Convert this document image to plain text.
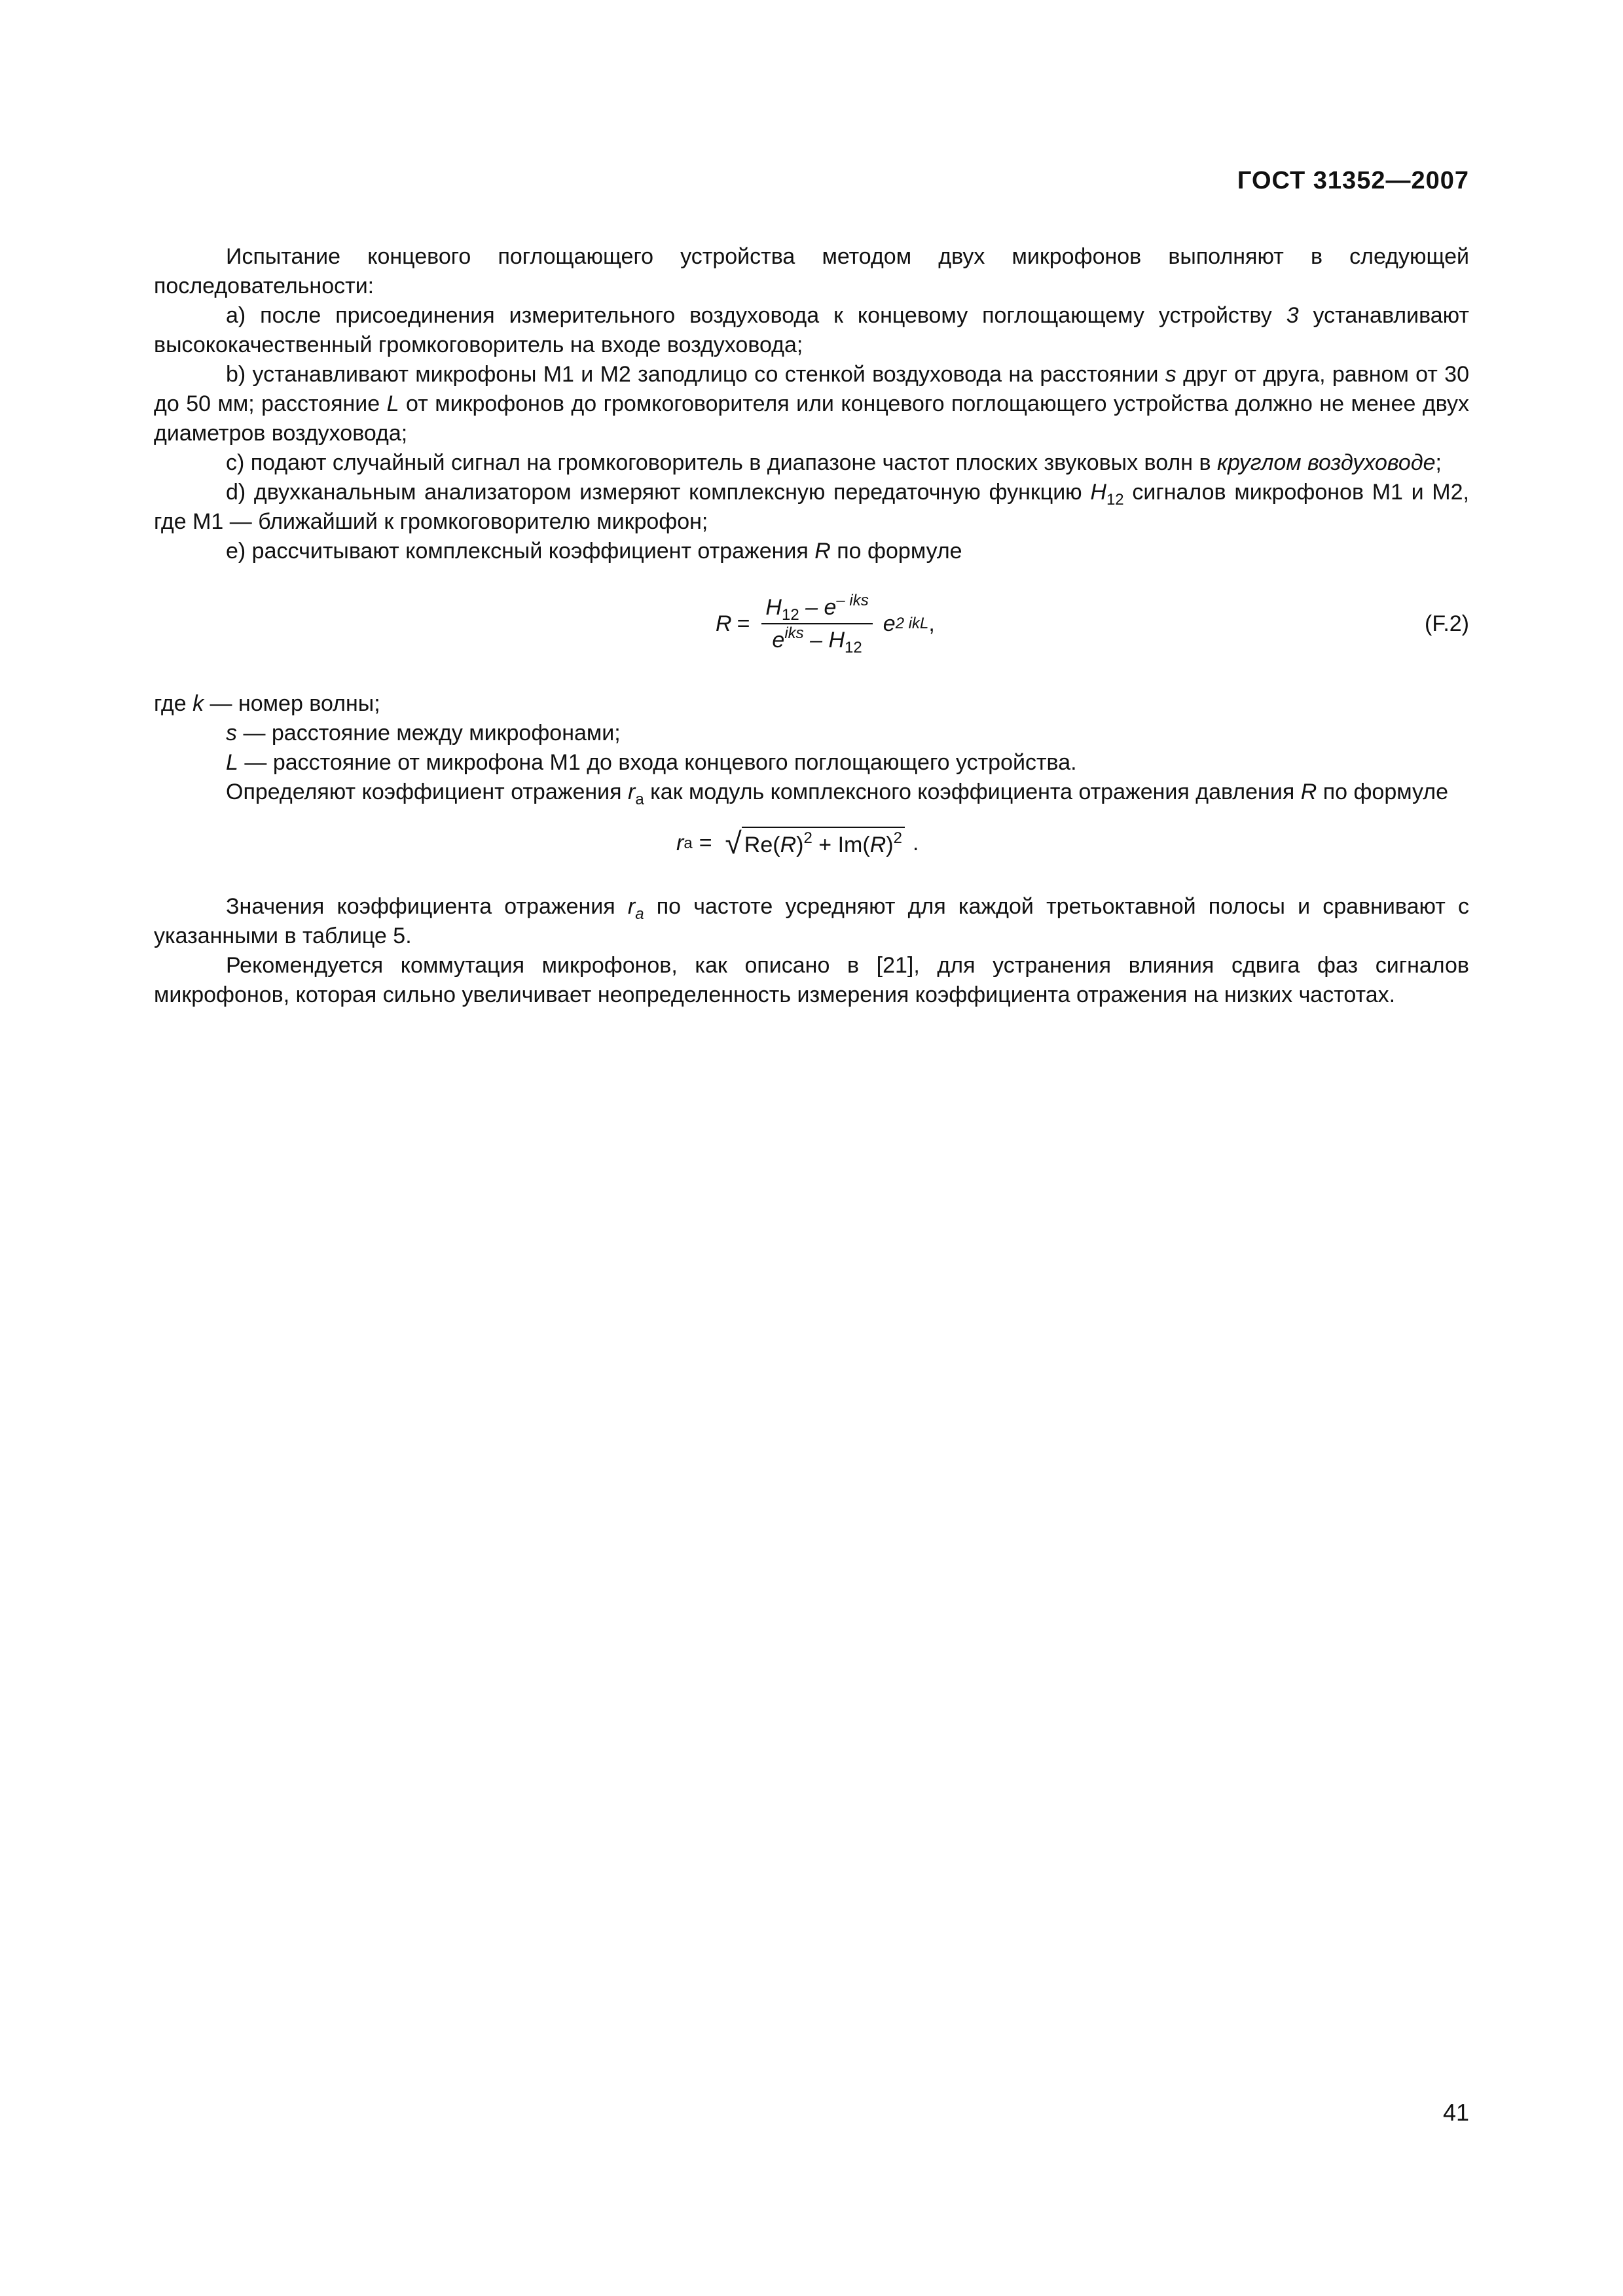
ГОСТ 31352—2007

Испытание концевого поглощающего устройства методом двух микрофонов выполняют в следующей последовательности:

а) после присоединения измерительного воздуховода к концевому поглощающему устройству 3 устанавливают высококачественный громкоговоритель на входе воздуховода;

b) устанавливают микрофоны М1 и М2 заподлицо со стенкой воздуховода на расстоянии s друг от друга, равном от 30 до 50 мм; расстояние L от микрофонов до громкоговорителя или концевого поглощающего устройства должно не менее двух диаметров воздуховода;

с) подают случайный сигнал на громкоговоритель в диапазоне частот плоских звуковых волн в круглом воздуховоде;

d) двухканальным анализатором измеряют комплексную передаточную функцию $H_{12}$ сигналов микрофонов М1 и М2, где М1 — ближайший к громкоговорителю микрофон;

е) рассчитывают комплексный коэффициент отражения R по формуле

$R = \frac{H_{12} - e^{- iks}}{e^{iks} - H_{12}}$ e 2 ikL ,	(F.2)

где k — номер волны;

s — расстояние между микрофонами;

L — расстояние от микрофона М1 до входа концевого поглощающего устройства.

Определяют коэффициент отражения $r_a$ как модуль комплексного коэффициента отражения давления R по формуле

r a = √ $Re(R)^2 + Im(R)^2$ .

Значения коэффициента отражения $r_a$ по частоте усредняют для каждой третьоктавной полосы и сравнивают с указанными в таблице 5.

Рекомендуется коммутация микрофонов, как описано в [21], для устранения влияния сдвига фаз сигналов микрофонов, которая сильно увеличивает неопределенность измерения коэффициента отражения на низких частотах.

41
